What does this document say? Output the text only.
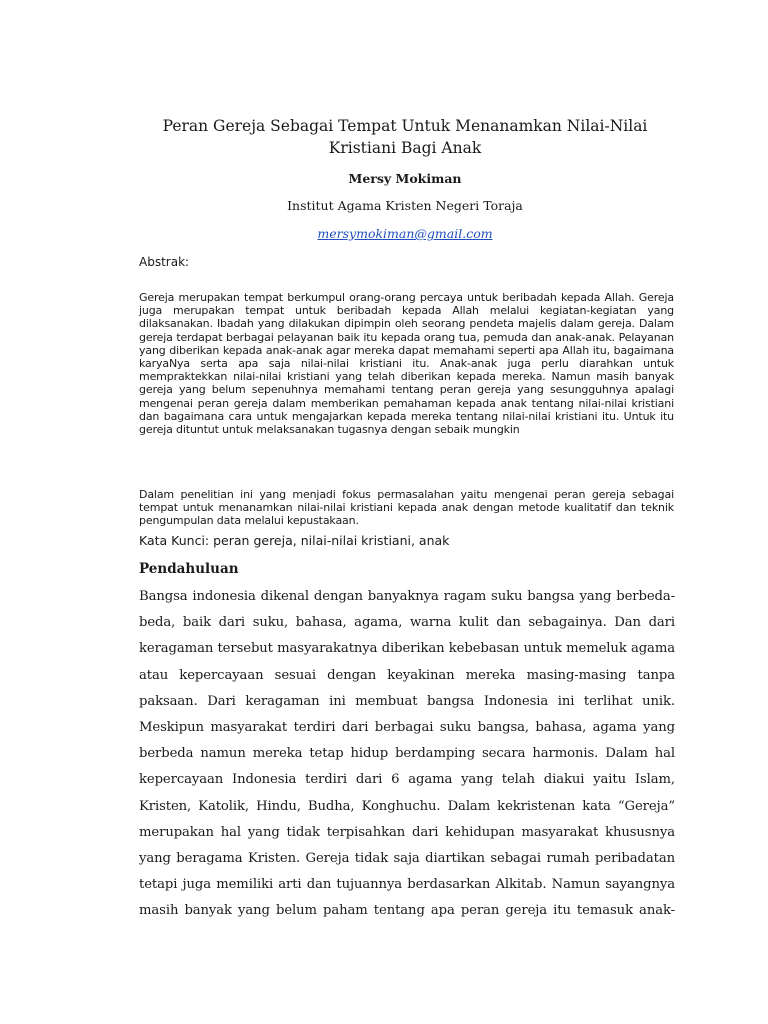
Peran Gereja Sebagai Tempat Untuk Menanamkan Nilai-Nilai
Kristiani Bagi Anak
Mersy Mokiman
Institut Agama Kristen Negeri Toraja
mersymokiman@gmail.com
Abstrak:

Gereja merupakan tempat berkumpul orang-orang percaya untuk beribadah kepada Allah. Gereja juga merupakan tempat untuk beribadah kepada Allah melalui kegiatan-kegiatan yang dilaksanakan. Ibadah yang dilakukan dipimpin oleh seorang pendeta majelis dalam gereja. Dalam gereja terdapat berbagai pelayanan baik itu kepada orang tua, pemuda dan anak-anak. Pelayanan yang diberikan kepada anak-anak agar mereka dapat memahami seperti apa Allah itu, bagaimana karyaNya serta apa saja nilai-nilai kristiani itu. Anak-anak juga perlu diarahkan untuk mempraktekkan nilai-nilai kristiani yang telah diberikan kepada mereka. Namun masih banyak gereja yang belum sepenuhnya memahami tentang peran gereja yang sesungguhnya apalagi mengenai peran gereja dalam memberikan pemahaman kepada anak tentang nilai-nilai kristiani dan bagaimana cara untuk mengajarkan kepada mereka tentang nilai-nilai kristiani itu. Untuk itu gereja dituntut untuk melaksanakan tugasnya dengan sebaik mungkin

Dalam penelitian ini yang menjadi fokus permasalahan yaitu mengenai peran gereja sebagai tempat untuk menanamkan nilai-nilai kristiani kepada anak dengan metode kualitatif dan teknik pengumpulan data melalui kepustakaan.

Kata Kunci: peran gereja, nilai-nilai kristiani, anak
Pendahuluan
Bangsa indonesia dikenal dengan banyaknya ragam suku bangsa yang berbeda-
beda, baik dari suku, bahasa, agama, warna kulit dan sebagainya. Dan dari
keragaman tersebut masyarakatnya diberikan kebebasan untuk memeluk agama
atau kepercayaan sesuai dengan keyakinan mereka masing-masing tanpa
paksaan. Dari keragaman ini membuat bangsa Indonesia ini terlihat unik.
Meskipun masyarakat terdiri dari berbagai suku bangsa, bahasa, agama yang
berbeda namun mereka tetap hidup berdamping secara harmonis. Dalam hal
kepercayaan Indonesia terdiri dari 6 agama yang telah diakui yaitu Islam,
Kristen, Katolik, Hindu, Budha, Konghuchu. Dalam kekristenan kata “Gereja”
merupakan hal yang tidak terpisahkan dari kehidupan masyarakat khususnya
yang beragama Kristen. Gereja tidak saja diartikan sebagai rumah peribadatan
tetapi juga memiliki arti dan tujuannya berdasarkan Alkitab. Namun sayangnya
masih banyak yang belum paham tentang apa peran gereja itu temasuk anak-
